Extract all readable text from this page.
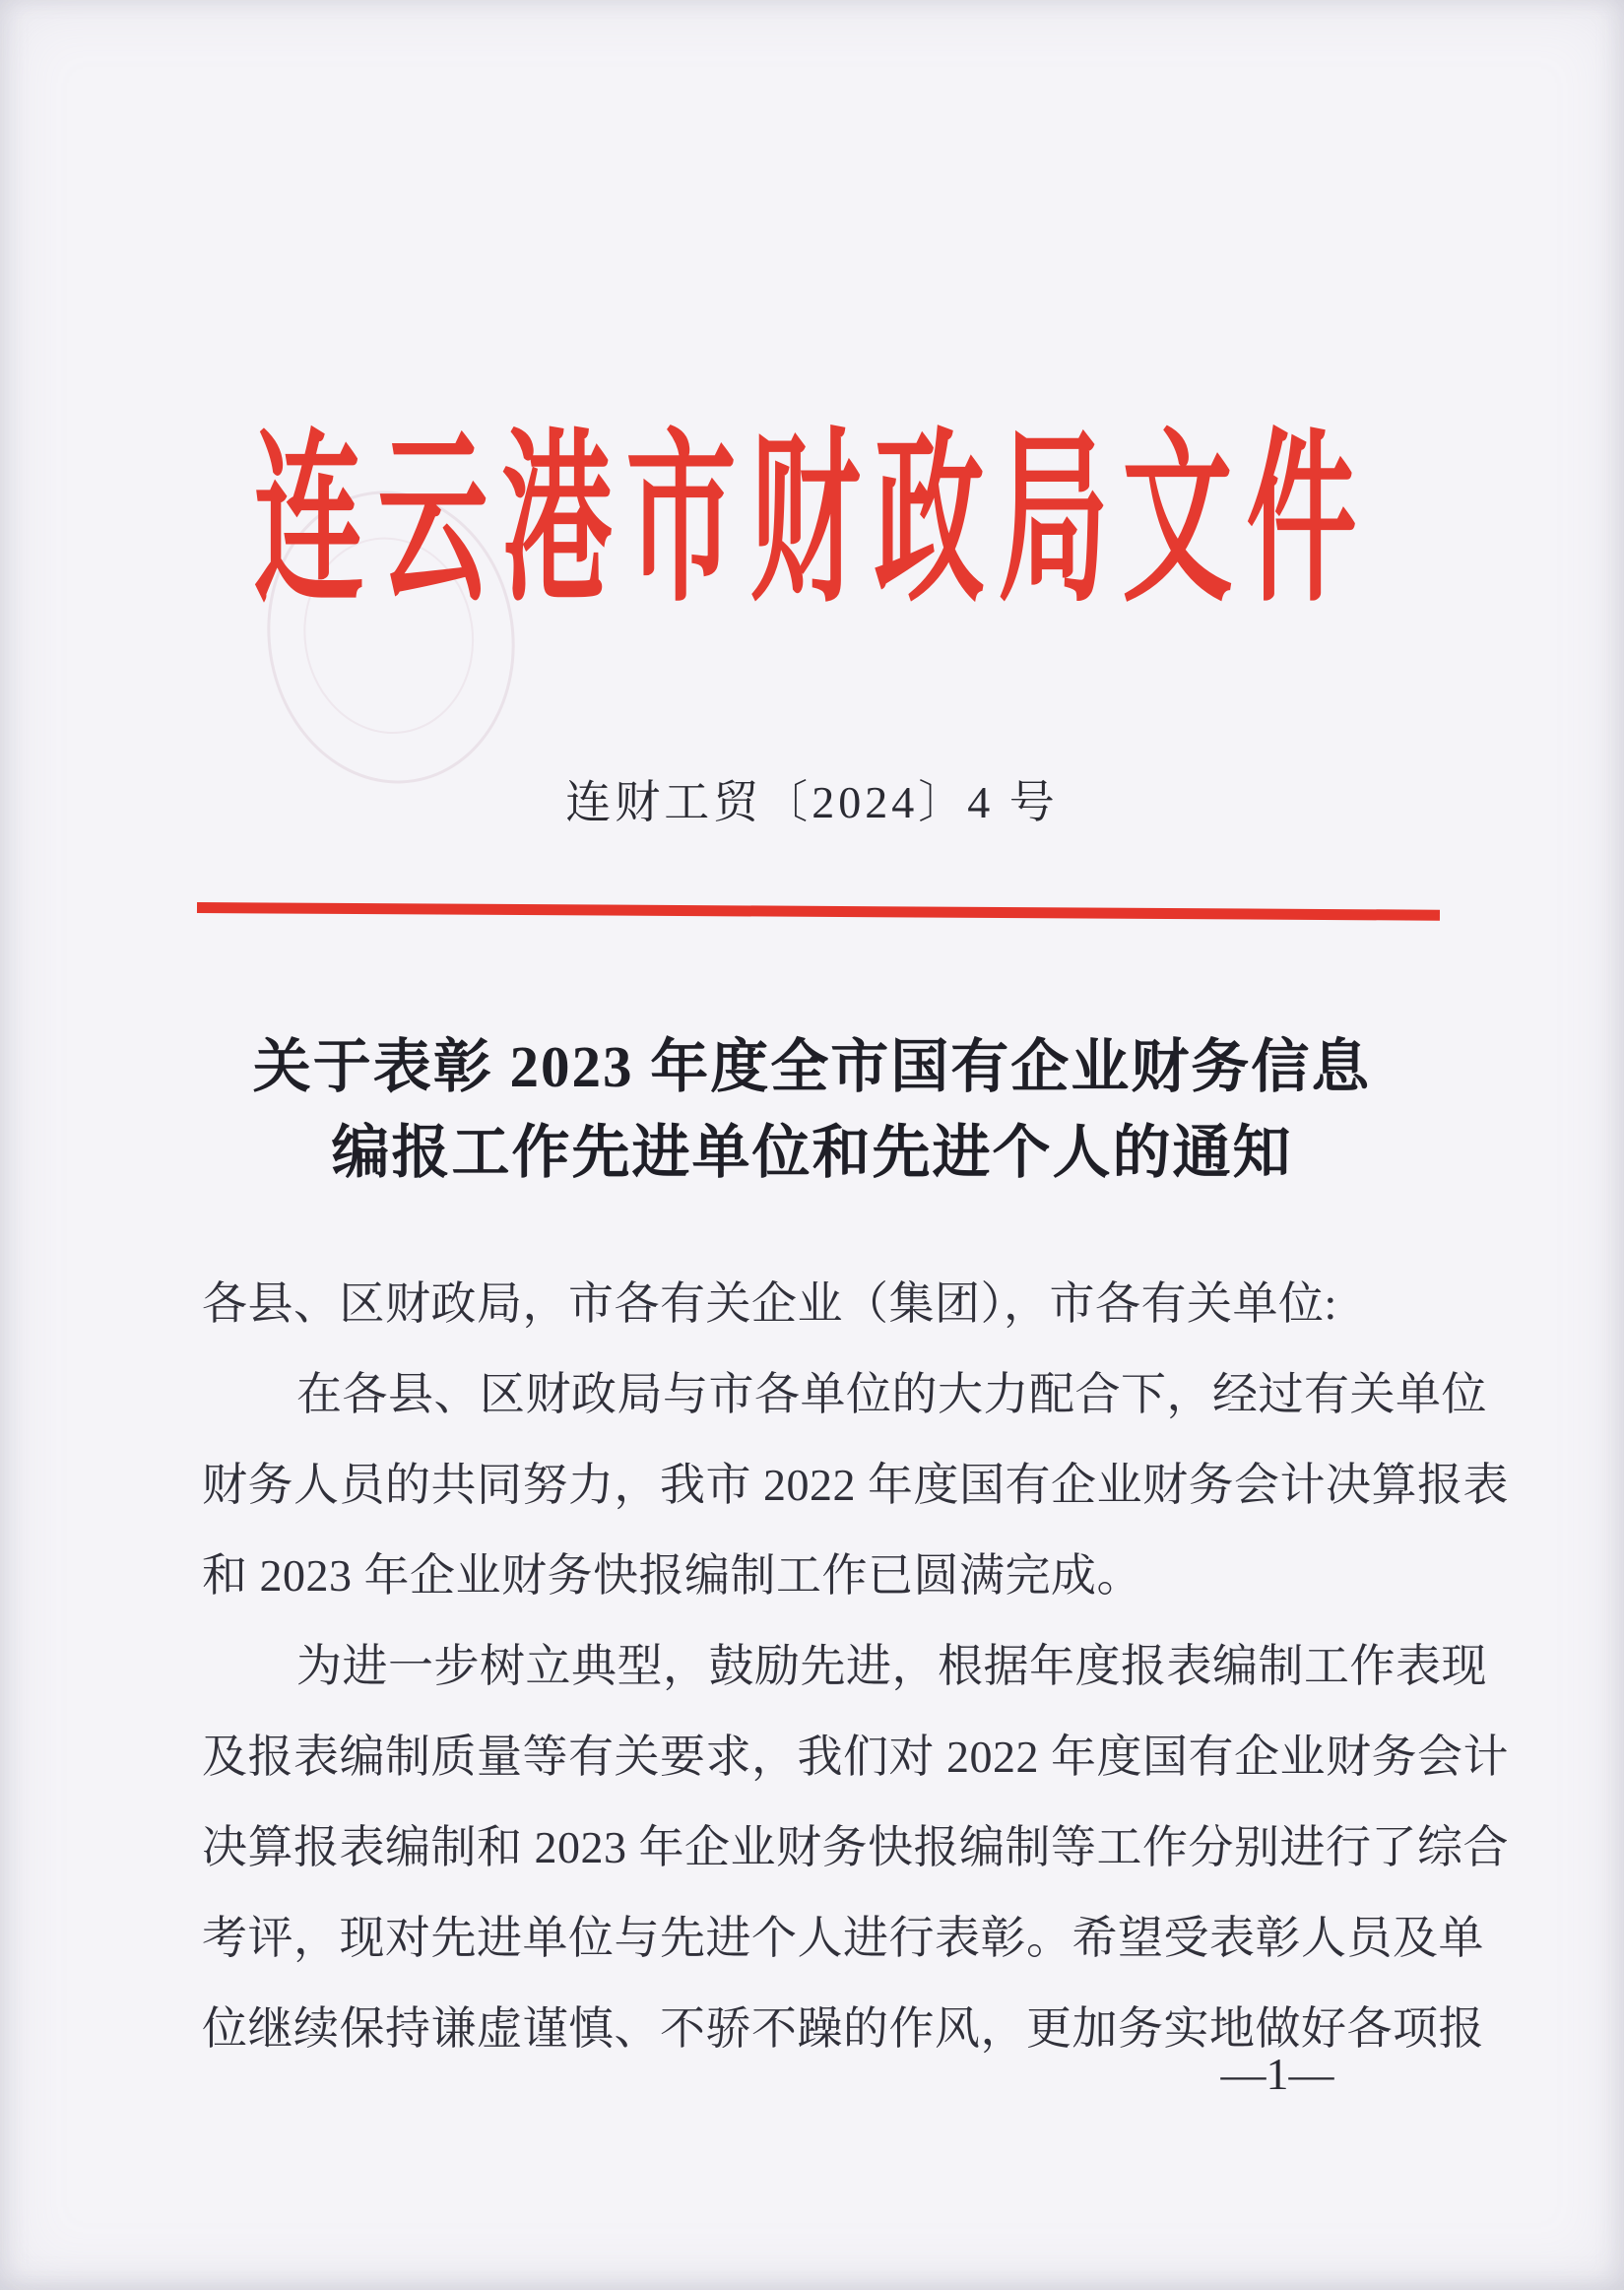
连云港市财政局文件
连财工贸〔2024〕4 号
关于表彰 2023 年度全市国有企业财务信息
编报工作先进单位和先进个人的通知
各县、区财政局，市各有关企业（集团），市各有关单位:
在各县、区财政局与市各单位的大力配合下，经过有关单位
财务人员的共同努力，我市 2022 年度国有企业财务会计决算报表
和 2023 年企业财务快报编制工作已圆满完成。
为进一步树立典型，鼓励先进，根据年度报表编制工作表现
及报表编制质量等有关要求，我们对 2022 年度国有企业财务会计
决算报表编制和 2023 年企业财务快报编制等工作分别进行了综合
考评，现对先进单位与先进个人进行表彰。希望受表彰人员及单
位继续保持谦虚谨慎、不骄不躁的作风，更加务实地做好各项报
—1—
